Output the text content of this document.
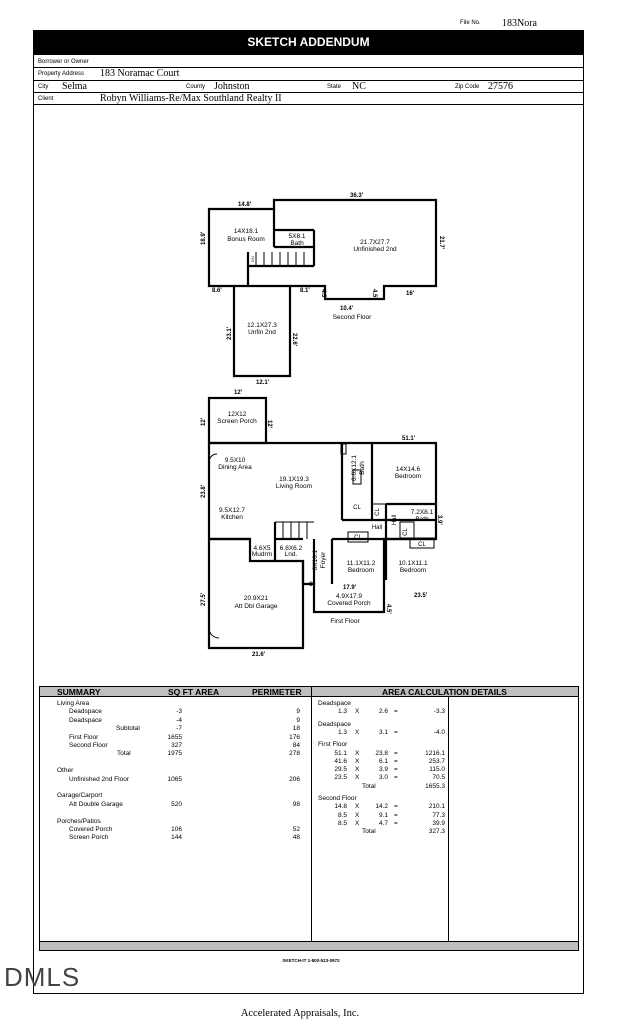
File No. 183Nora
SKETCH ADDENDUM
Borrower or Owner
Property Address 183 Noramac Court
City Selma	County Johnston	State NC	Zip Code 27576
Client	Robyn Williams-Re/Max Southland Realty II
14.8'
36.3'
18.9'	21.7'
8.6'	8.1' 4.5'
10.4'
4.5'	16'
23.1'	22.6'
12.1'
14X18.1
Bonus Room	5X8.1
Bath	21.7X27.7
Unfinished 2nd
12.1X27.3
Unfin 2nd
Second Floor
DN
12'
12'	12'
51.1'
23.8'
3.9'
23.5'
6'
4.5'
17.9'
27.5'
21.6'
12X12
Screen Porch
9.5X10
Dining Area
19.1X19.3
Living Room
6.6X12.1 Bath	14X14.6
Bedroom
9.5X12.7
Kitchen
7.2X8.1
Bath
4.6X5
Mudrm
6.8X6.2
Lnd. 6X10.1 Foyer	11.1X11.2
Bedroom
10.1X11.1
Bedroom
20.9X21
Att Dbl Garage
4.9X17.9
Covered Porch
First Floor
CL
CL
CL
CL
CL
Hall
Hall
SUMMARY	SQ FT AREA	PERIMETER	AREA CALCULATION DETAILS
Living Area
Deadspace	-3	9
Deadspace	-4	9
Subtotal	-7	18
First Floor	1655	176
Second Floor	327	84
Total	1975	278
Other
Unfinished 2nd Floor	1065	206
Garage/Carport
Att Double Garage	520	98
Porches/Patios
Covered Porch	106	52
Screen Porch	144	48
Deadspace
1.3 X	2.6 =	-3.3
Deadspace
1.3 X	3.1 =	-4.0
First Floor
51.1 X	23.8 =	1216.1
41.6 X	6.1 =	253.7
29.5 X	3.9 =	115.0
23.5 X	3.0 =	70.5
Total	1655.3
Second Floor
14.8 X	14.2 =	210.1
8.5 X	9.1 =	77.3
8.5 X	4.7 =	39.9
Total	327.3
SKETCH-IT 1-800-523-0972
Accelerated Appraisals, Inc.
DMLS
